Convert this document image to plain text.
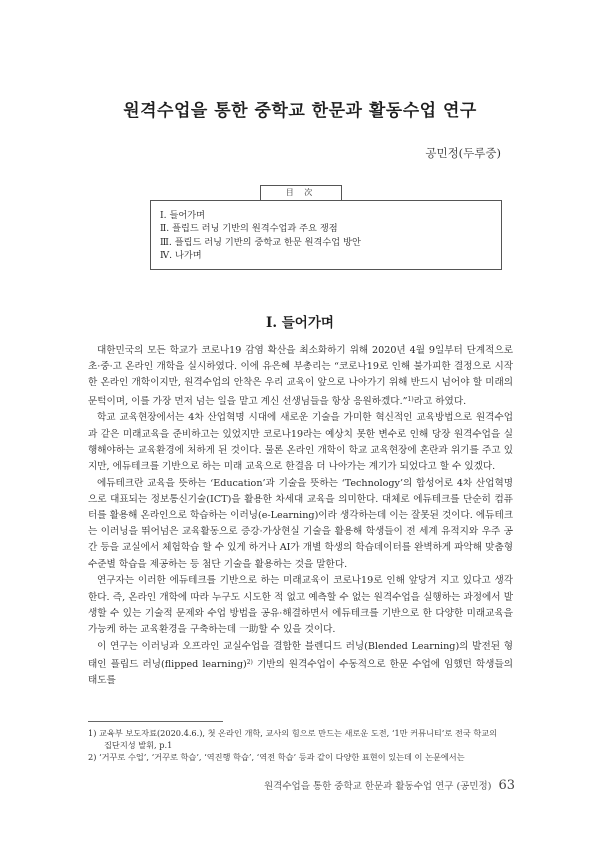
원격수업을 통한 중학교 한문과 활동수업 연구
공민정(두루중)
目 次
Ⅰ. 들어가며
Ⅱ. 플립드 러닝 기반의 원격수업과 주요 쟁점
Ⅲ. 플립드 러닝 기반의 중학교 한문 원격수업 방안
Ⅳ. 나가며
Ⅰ. 들어가며

대한민국의 모든 학교가 코로나19 감염 확산을 최소화하기 위해 2020년 4월 9일부터 단계적으로 초·중·고 온라인 개학을 실시하였다. 이에 유은혜 부총리는 “코로나19로 인해 불가피한 결정으로 시작한 온라인 개학이지만, 원격수업의 안착은 우리 교육이 앞으로 나아가기 위해 반드시 넘어야 할 미래의 문턱이며, 이를 가장 먼저 넘는 일을 맡고 계신 선생님들을 항상 응원하겠다.”$^{1)}$라고 하였다.

학교 교육현장에서는 4차 산업혁명 시대에 새로운 기술을 가미한 혁신적인 교육방법으로 원격수업과 같은 미래교육을 준비하고는 있었지만 코로나19라는 예상치 못한 변수로 인해 당장 원격수업을 실행해야하는 교육환경에 처하게 된 것이다. 물론 온라인 개학이 학교 교육현장에 혼란과 위기를 주고 있지만, 에듀테크를 기반으로 하는 미래 교육으로 한결음 더 나아가는 계기가 되었다고 할 수 있겠다.

에듀테크란 교육을 뜻하는 ‘Education’과 기술을 뜻하는 ‘Technology’의 합성어로 4차 산업혁명으로 대표되는 정보통신기술(ICT)을 활용한 차세대 교육을 의미한다. 대체로 에듀테크를 단순히 컴퓨터를 활용해 온라인으로 학습하는 이러닝(e-Learning)이라 생각하는데 이는 잘못된 것이다. 에듀테크는 이러닝을 뛰어넘은 교육활동으로 증강·가상현실 기술을 활용해 학생들이 전 세계 유적지와 우주 공간 등을 교실에서 체험학습 할 수 있게 하거나 AI가 개별 학생의 학습데이터를 완벽하게 파악해 맞춤형 수준별 학습을 제공하는 등 첨단 기술을 활용하는 것을 말한다.

연구자는 이러한 에듀테크를 기반으로 하는 미래교육이 코로나19로 인해 앞당겨 지고 있다고 생각한다. 즉, 온라인 개학에 따라 누구도 시도한 적 없고 예측할 수 없는 원격수업을 실행하는 과정에서 발생할 수 있는 기술적 문제와 수업 방법을 공유·해결하면서 에듀테크를 기반으로 한 다양한 미래교육을 가능케 하는 교육환경을 구축하는데 一助할 수 있을 것이다.

이 연구는 이러닝과 오프라인 교실수업을 결합한 블렌디드 러닝(Blended Learning)의 발전된 형태인 플립드 러닝(flipped learning)$^{2)}$ 기반의 원격수업이 수동적으로 한문 수업에 임했던 학생들의 태도를

1) 교육부 보도자료(2020.4.6.), 첫 온라인 개학, 교사의 힘으로 만드는 새로운 도전, ‘1만 커뮤니티’로 전국 학교의
집단지성 발휘, p.1
2) ‘거꾸로 수업’, ‘거꾸로 학습’, ‘역진행 학습’, ‘역전 학습’ 등과 같이 다양한 표현이 있는데 이 논문에서는
원격수업을 통한 중학교 한문과 활동수업 연구 (공민정) 63
